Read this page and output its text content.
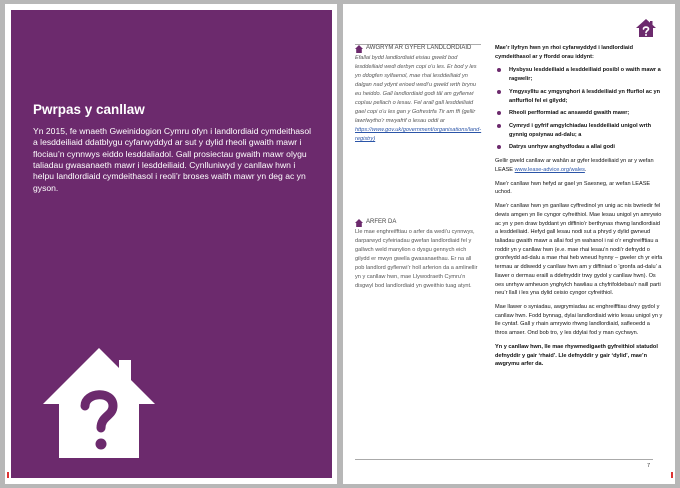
Pwrpas y canllaw

Yn 2015, fe wnaeth Gweinidogion Cymru ofyn i landlordiaid cymdeithasol a lesddeiliaid ddatblygu cyfarwyddyd ar sut y dylid rheoli gwaith mawr i flociau’n cynnwys eiddo lesddaliadol. Gall prosiectau gwaith mawr olygu taliadau gwasanaeth mawr i lesddeiliaid. Cynlluniwyd y canllaw hwn i helpu landlordiaid cymdeithasol i reoli’r broses waith mawr yn deg ac yn gyson.

AWGRYM AR GYFER LANDLORDIAID
Efallai bydd landlordiaid eisiau gweld bod lesddeiliaid wedi derbyn copi o’u les. Er bod y les yn ddogfen sylfaenol, mae rhai lesddeiliaid yn dalgan nad ydynt erioed wedi’u gweld wrth brynu eu heiddo. Gall landlordiaid godi tâl am gyflenwi copïau pellach o lesau. Fel arall gall lesddeiliaid gael copi o’u les gan y Gofrestrfa Tir am ffi (gellir lawrlwytho’r mwyafrif o lesau oddi ar https://www.gov.uk/government/organisations/land-registry)
ARFER DA
Lle mae enghreifftiau o arfer da wedi’u cynnwys, darparwyd cyfeiriadau gwefan landlordiaid fel y gallwch weld manylion o dysgu gennych eich gilydd er mwyn gwella gwasanaethau. Er na all pob landlord gyflenwi’r holl arferion da a amlinellir yn y canllaw hwn, mae Llywodraeth Cymru’n disgwyl bod landlordiaid yn gweithio tuag atynt.

Mae’r llyfryn hwn yn rhoi cyfarwyddyd i landlordiaid cymdeithasol ar y ffordd orau iddynt:

Hysbysu lesddeiliaid a lesddeiliaid posibl o waith mawr a ragwelir;
Ymgysylltu ac ymgynghori â lesddeiliaid yn ffurfiol ac yn anffurfiol fel ei gilydd;
Rheoli perfformiad ac ansawdd gwaith mawr;
Cymryd i gyfrif amgylchiadau lesddeiliaid unigol wrth gynnig opsiynau ad-dalu; a
Datrys unrhyw anghydfodau a allai godi

Gellir gweld canllaw ar wahân ar gyfer lesddeiliaid yn ar y wefan LEASE www.lease-advice.org/wales.

Mae’r canllaw hwn hefyd ar gael yn Saesneg, ar wefan LEASE uchod.

Mae’r canllaw hwn yn ganllaw cyffredinol yn unig ac nis bwriedir fel dewis amgen yn lle cyngor cyfreithiol. Mae lesau unigol yn amrywio ac yn y pen draw byddant yn diffinio’r berthynas rhwng landlordiaid a lesddeiliaid. Hefyd gall lesau nodi sut a phryd y dylid gwneud taliadau gwaith mawr a allai fod yn wahanol i rai o’r enghreifftiau a roddir yn y canllaw hwn (e.e. mae rhai lesau’n nodi’r defnydd o gronfeydd ad-dalu a mae rhai heb wneud hynny – gweler ch yr eirfa termau ar ddiwedd y canllaw hwn am y diffiniad o ‘gronfa ad-dalu’ a llawer o dermau eraill a ddefnyddir trwy gydol y canllaw hwn). Os oes unrhyw amheuon ynghylch hawliau a chyfrifoldebau’r naill parti neu’r llall i les yna dylid ceisio cyngor cyfreithiol.

Mae llawer o syniadau, awgrymiadau ac enghreifftiau drwy gydol y canllaw hwn. Fodd bynnag, dylai landlordiaid wirio lesau unigol yn y lle cyntaf. Gall y rhain amrywio rhwng landlordiaid, safleoedd a thros amser. Ond bob tro, y les ddylai fod y man cychwyn.

Yn y canllaw hwn, lle mae rhywmedigaeth gyfreithiol statudol defnyddir y gair ‘rhaid’. Lle defnyddir y gair ‘dylid’, mae’n awgrymu arfer da.

7
